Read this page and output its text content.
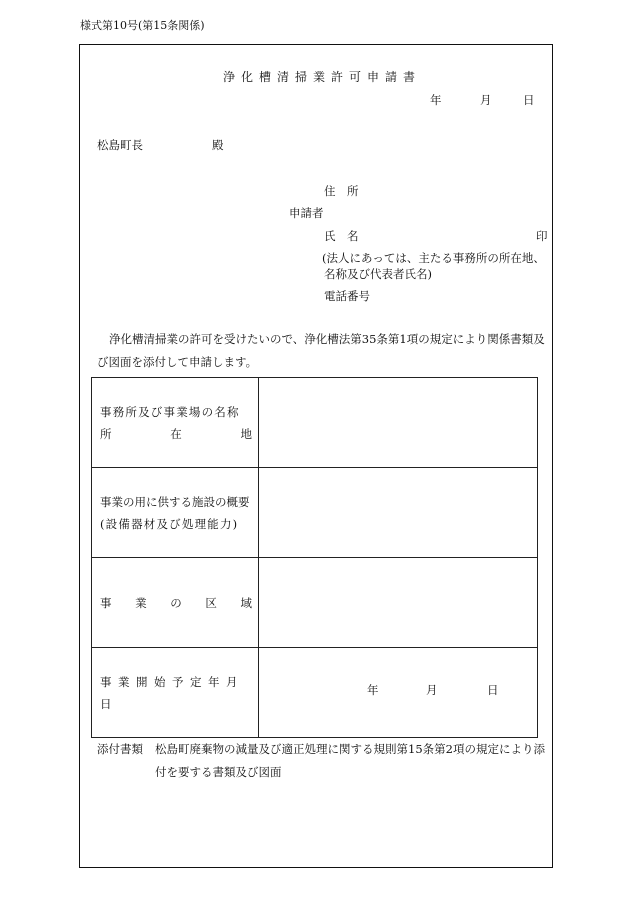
様式第10号(第15条関係)
浄化槽清掃業許可申請書
年	月	日
松島町長	殿
住　所
申請者
氏　名	印
(法人にあっては、主たる事務所の所在地、
名称及び代表者氏名)
電話番号
浄化槽清掃業の許可を受けたいので、浄化槽法第35条第1項の規定により関係書類及
び図面を添付して申請します。
事務所及び事業場の名称
所 在 地	

事業の用に供する施設の概要
(設備器材及び処理能力)	

事 業 の 区 域	

事業開始予定年月日	年 月 日
添付書類 松島町廃棄物の減量及び適正処理に関する規則第15条第2項の規定により添
付を要する書類及び図面
